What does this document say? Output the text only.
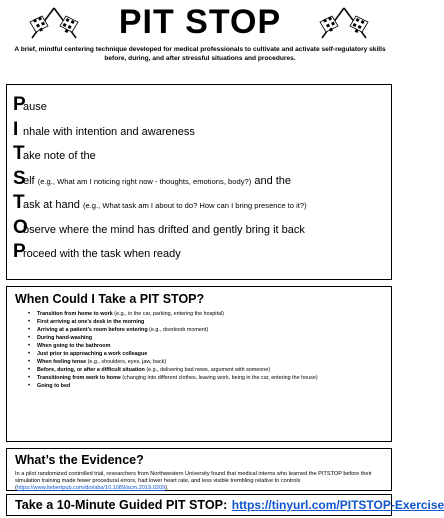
PIT STOP
A brief, mindful centering technique developed for medical professionals to cultivate and activate self-regulatory skills
before, during, and after stressful situations and procedures.
Pause
Inhale with intention and awareness
Take note of the
Self (e.g., What am I noticing right now - thoughts, emotions, body?) and the
Task at hand (e.g., What task am I about to do? How can I bring presence to it?)
Observe where the mind has drifted and gently bring it back
Proceed with the task when ready
When Could I Take a PIT STOP?
• Transition from home to work (e.g., in the car, parking, entering the hospital)
• First arriving at one’s desk in the morning
• Arriving at a patient’s room before entering (e.g., doorknob moment)
• During hand-washing
• When going to the bathroom
• Just prior to approaching a work colleague
• When feeling tense (e.g., shoulders, eyes, jaw, back)
• Before, during, or after a difficult situation (e.g., delivering bad news, argument with someone)
• Transitioning from work to home (changing into different clothes, leaving work, being in the car, entering the house)
• Going to bed
What’s the Evidence?
In a pilot randomized controlled trial, researchers from Northwestern University found that medical interns who learned the PITSTOP before their simulation training made fewer procedural errors, had lower heart rate, and less visible trembling relative to controls
(https://www.liebertpub.com/doi/abs/10.1089/acm.2019.0209).
Take a 10-Minute Guided PIT STOP: https://tinyurl.com/PITSTOP-Exercise
